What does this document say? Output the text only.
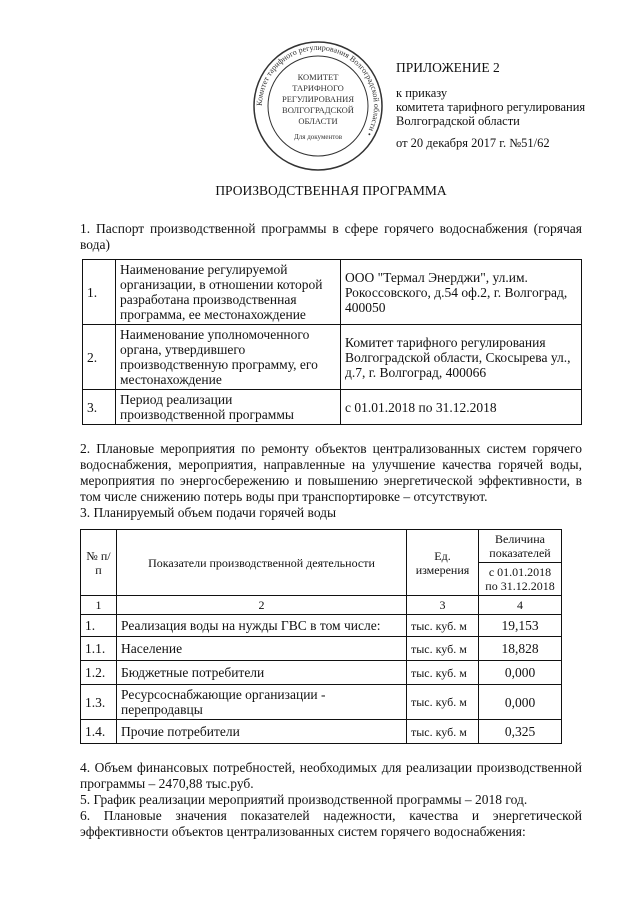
Комитет тарифного регулирования Волгоградской области •
КОМИТЕТ
ТАРИФНОГО
РЕГУЛИРОВАНИЯ
ВОЛГОГРАДСКОЙ
ОБЛАСТИ
Для документов
ПРИЛОЖЕНИЕ 2
к приказу
комитета тарифного регулирования
Волгоградской области
от 20 декабря 2017 г. №51/62
ПРОИЗВОДСТВЕННАЯ ПРОГРАММА
1. Паспорт производственной программы в сфере горячего водоснабжения (горячая вода)
1.	Наименование регулируемой организации, в отношении которой разработана производственная программа, ее местонахождение	ООО "Термал Энерджи", ул.им. Рокоссовского, д.54 оф.2, г. Волгоград, 400050
2.	Наименование уполномоченного органа, утвердившего производственную программу, его местонахождение	Комитет тарифного регулирования Волгоградской области, Скосырева ул., д.7, г. Волгоград, 400066
3.	Период реализации производственной программы	с 01.01.2018 по 31.12.2018
2. Плановые мероприятия по ремонту объектов централизованных систем горячего водоснабжения, мероприятия, направленные на улучшение качества горячей воды, мероприятия по энергосбережению и повышению энергетической эффективности, в том числе снижению потерь воды при транспортировке – отсутствуют.
3. Планируемый объем подачи горячей воды
№ п/п	Показатели производственной деятельности	Ед. измерения	Величина показателей
			с 01.01.2018 по 31.12.2018
1	2	3	4
1.	Реализация воды на нужды ГВС в том числе:	тыс. куб. м	19,153
1.1.	Население	тыс. куб. м	18,828
1.2.	Бюджетные потребители	тыс. куб. м	0,000
1.3.	Ресурсоснабжающие организации - перепродавцы	тыс. куб. м	0,000
1.4.	Прочие потребители	тыс. куб. м	0,325
4. Объем финансовых потребностей, необходимых для реализации производственной программы – 2470,88 тыс.руб.
5. График реализации мероприятий производственной программы – 2018 год.
6. Плановые значения показателей надежности, качества и энергетической эффективности объектов централизованных систем горячего водоснабжения:
